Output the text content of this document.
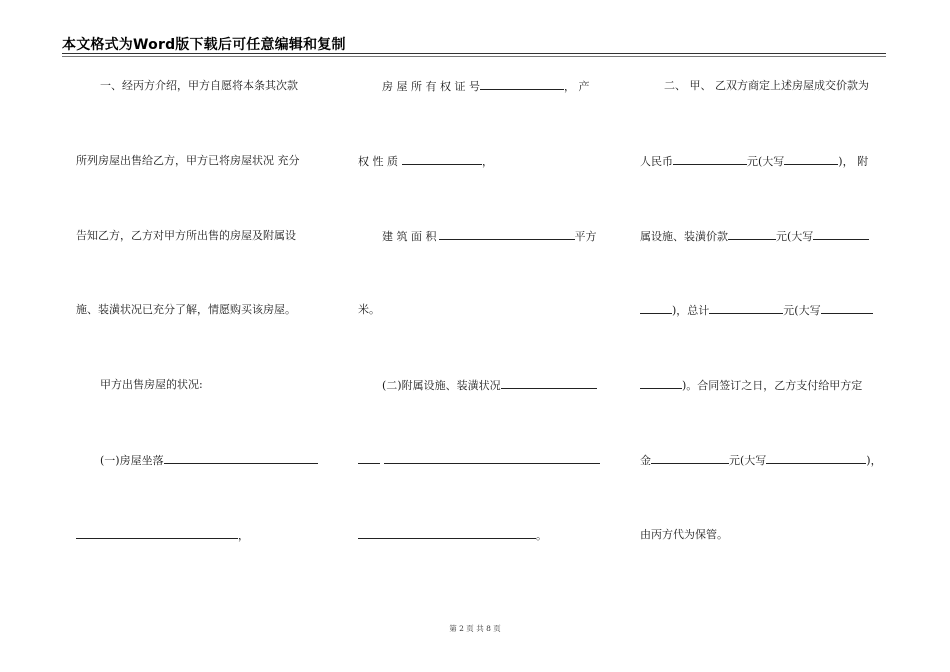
本文格式为Word版下载后可任意编辑和复制
一、经丙方介绍，甲方自愿将本条其次款
所列房屋出售给乙方，甲方已将房屋状况 充分
告知乙方，乙方对甲方所出售的房屋及附属设
施、装潢状况已充分了解，情愿购买该房屋。
甲方出售房屋的状况:
(一)房屋坐落
，
房 屋 所 有 权 证 号	， 产
权 性 质	，
建 筑 面 积	平方
米。
(二)附属设施、装潢状况
。
二、 甲、 乙双方商定上述房屋成交价款为
人民币	元(大写	)， 附
属设施、装潢价款	元(大写
)，总计	元(大写
)。合同签订之日，乙方支付给甲方定
金	元(大写	)，
由丙方代为保管。
第 2 页 共 8 页
